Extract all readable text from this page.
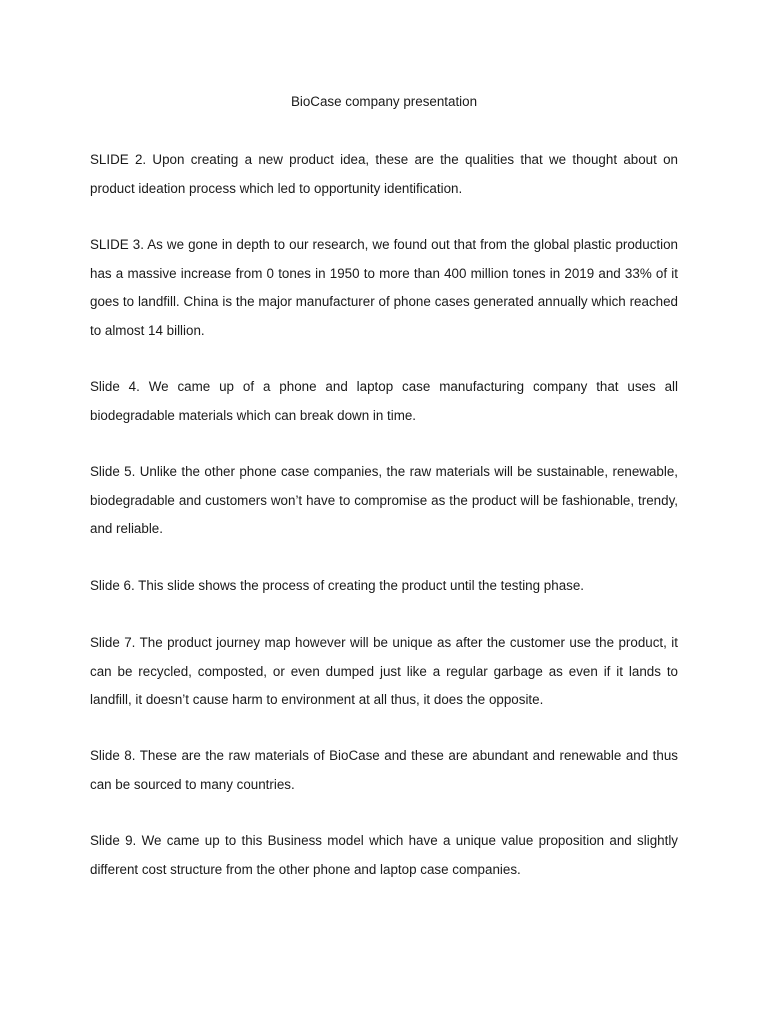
BioCase company presentation

SLIDE 2. Upon creating a new product idea, these are the qualities that we thought about on product ideation process which led to opportunity identification.

SLIDE 3. As we gone in depth to our research, we found out that from the global plastic production has a massive increase from 0 tones in 1950 to more than 400 million tones in 2019 and 33% of it goes to landfill. China is the major manufacturer of phone cases generated annually which reached to almost 14 billion.

Slide 4. We came up of a phone and laptop case manufacturing company that uses all biodegradable materials which can break down in time.

Slide 5. Unlike the other phone case companies, the raw materials will be sustainable, renewable, biodegradable and customers won’t have to compromise as the product will be fashionable, trendy, and reliable.

Slide 6. This slide shows the process of creating the product until the testing phase.

Slide 7. The product journey map however will be unique as after the customer use the product, it can be recycled, composted, or even dumped just like a regular garbage as even if it lands to landfill, it doesn’t cause harm to environment at all thus, it does the opposite.

Slide 8. These are the raw materials of BioCase and these are abundant and renewable and thus can be sourced to many countries.

Slide 9. We came up to this Business model which have a unique value proposition and slightly different cost structure from the other phone and laptop case companies.
